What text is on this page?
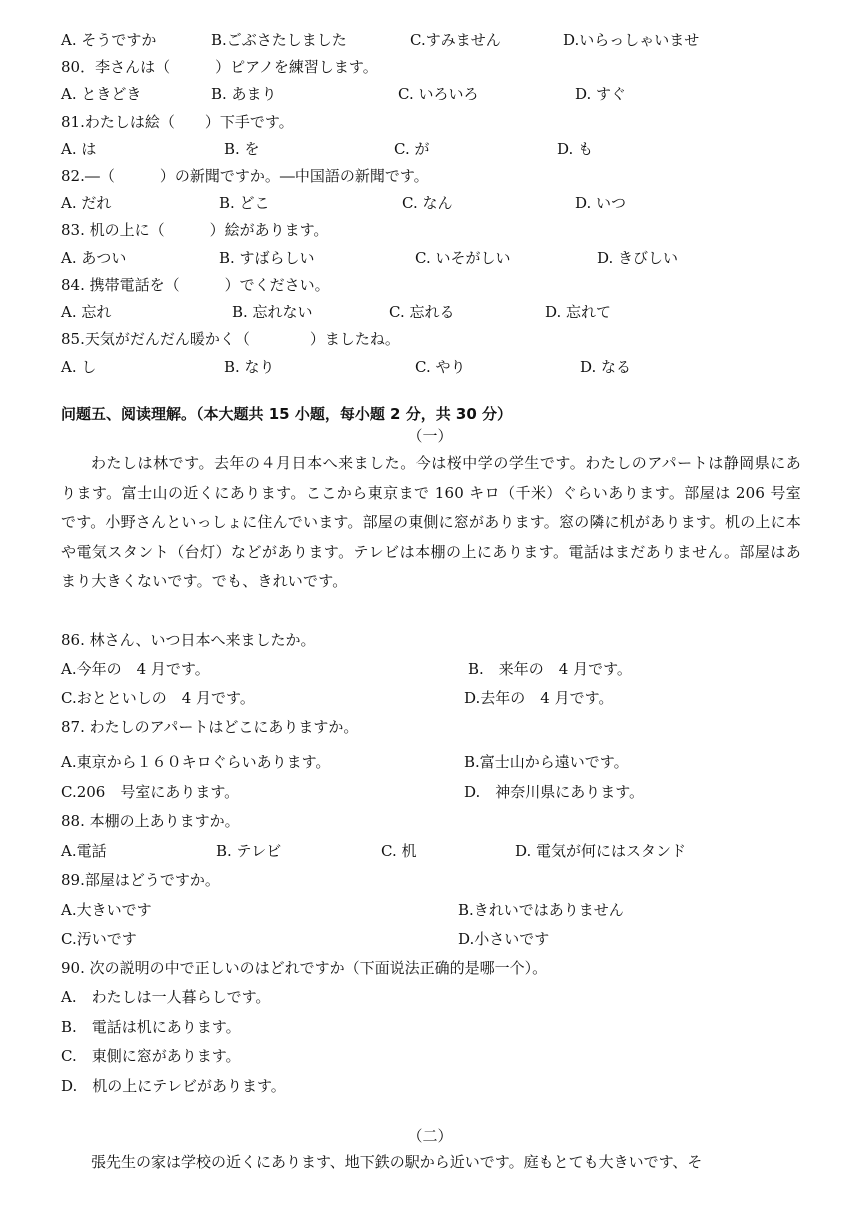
A. そうですか	B.ごぶさたしました	C.すみません	D.いらっしゃいませ
80．李さんは（　　　）ピアノを練習します。
A. ときどき	B. あまり	C. いろいろ	D. すぐ
81.わたしは絵（　　）下手です。
A. は	B. を	C. が	D. も
82.―（　　　）の新聞ですか。―中国語の新聞です。
A. だれ	B. どこ	C. なん	D. いつ
83. 机の上に（　　　）絵があります。
A. あつい	B. すばらしい	C. いそがしい	D. きびしい
84. 携帯電話を（　　　）でください。
A. 忘れ	B. 忘れない	C. 忘れる	D. 忘れて
85.天気がだんだん暖かく（　　　　）ましたね。
A. し	B. なり	C. やり	D. なる
问题五、阅读理解。（本大题共 15 小题，每小题 2 分，共 30 分）
（一）
わたしは林です。去年の４月日本へ来ました。今は桜中学の学生です。わたしのアパートは静岡県にあります。富士山の近くにあります。ここから東京まで 160 キロ（千米）ぐらいあります。部屋は 206 号室です。小野さんといっしょに住んでいます。部屋の東側に窓があります。窓の隣に机があります。机の上に本や電気スタント（台灯）などがあります。テレビは本棚の上にあります。電話はまだありません。部屋はあまり大きくないです。でも、きれいです。
86. 林さん、いつ日本へ来ましたか。
A.今年の　4 月です。	B.　来年の　4 月です。
C.おとといしの　4 月です。	D.去年の　4 月です。
87. わたしのアパートはどこにありますか。
A.東京から１６０キロぐらいあります。	B.富士山から遠いです。
C.206　号室にあります。	D.　神奈川県にあります。
88. 本棚の上ありますか。
A.電話	B. テレビ	C. 机	D. 電気が何にはスタンド
89.部屋はどうですか。
A.大きいです	B.きれいではありません
C.汚いです	D.小さいです
90. 次の説明の中で正しいのはどれですか（下面说法正确的是哪一个）。
A.　わたしは一人暮らしです。
B.　電話は机にあります。
C.　東側に窓があります。
D.　机の上にテレビがあります。
（二）
張先生の家は学校の近くにあります、地下鉄の駅から近いです。庭もとても大きいです、そ
